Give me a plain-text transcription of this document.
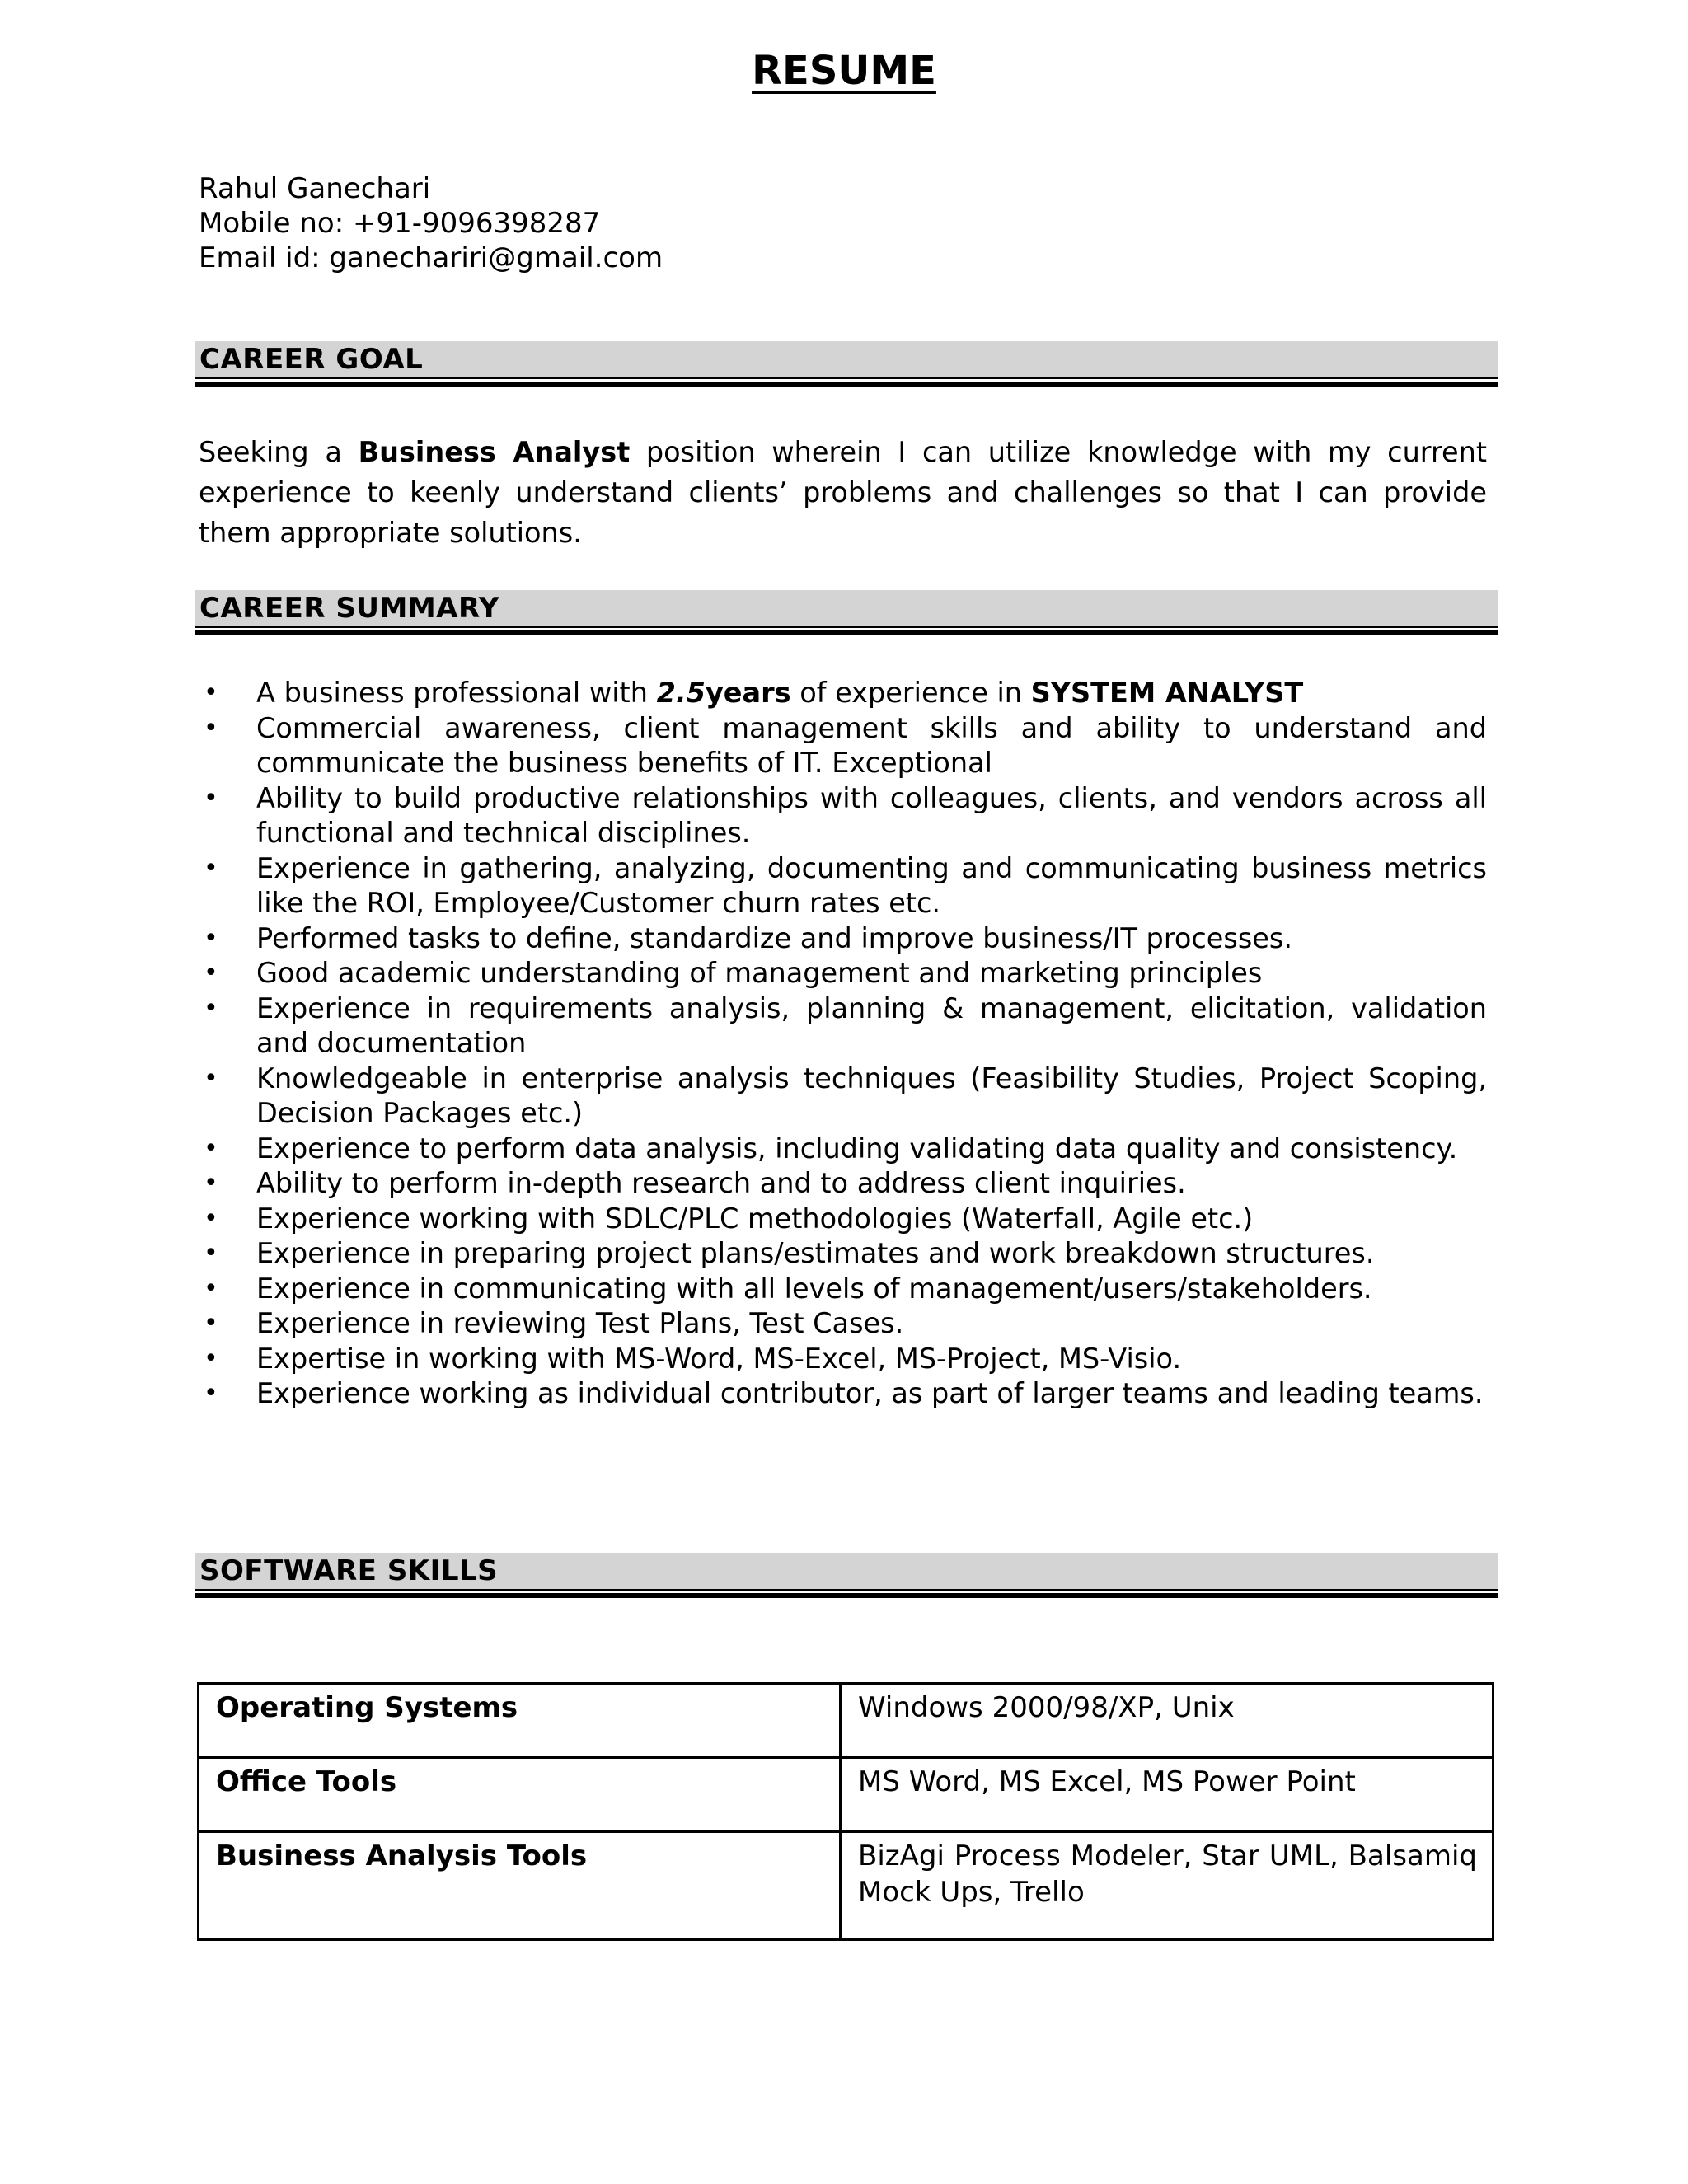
RESUME
Rahul Ganechari
Mobile no: +91-9096398287
Email id: ganechariri@gmail.com
CAREER GOAL
Seeking a Business Analyst position wherein I can utilize knowledge with my current experience to keenly understand clients’ problems and challenges so that I can provide them appropriate solutions.
CAREER SUMMARY
• A business professional with 2.5years of experience in SYSTEM ANALYST
• Commercial awareness, client management skills and ability to understand and communicate the business benefits of IT. Exceptional
• Ability to build productive relationships with colleagues, clients, and vendors across all functional and technical disciplines.
• Experience in gathering, analyzing, documenting and communicating business metrics like the ROI, Employee/Customer churn rates etc.
• Performed tasks to define, standardize and improve business/IT processes.
• Good academic understanding of management and marketing principles
• Experience in requirements analysis, planning & management, elicitation, validation and documentation
• Knowledgeable in enterprise analysis techniques (Feasibility Studies, Project Scoping, Decision Packages etc.)
• Experience to perform data analysis, including validating data quality and consistency.
• Ability to perform in-depth research and to address client inquiries.
• Experience working with SDLC/PLC methodologies (Waterfall, Agile etc.)
• Experience in preparing project plans/estimates and work breakdown structures.
• Experience in communicating with all levels of management/users/stakeholders.
• Experience in reviewing Test Plans, Test Cases.
• Expertise in working with MS-Word, MS-Excel, MS-Project, MS-Visio.
• Experience working as individual contributor, as part of larger teams and leading teams.
SOFTWARE SKILLS
Operating Systems	Windows 2000/98/XP, Unix
Office Tools	MS Word, MS Excel, MS Power Point
Business Analysis Tools	BizAgi Process Modeler, Star UML, Balsamiq Mock Ups, Trello
